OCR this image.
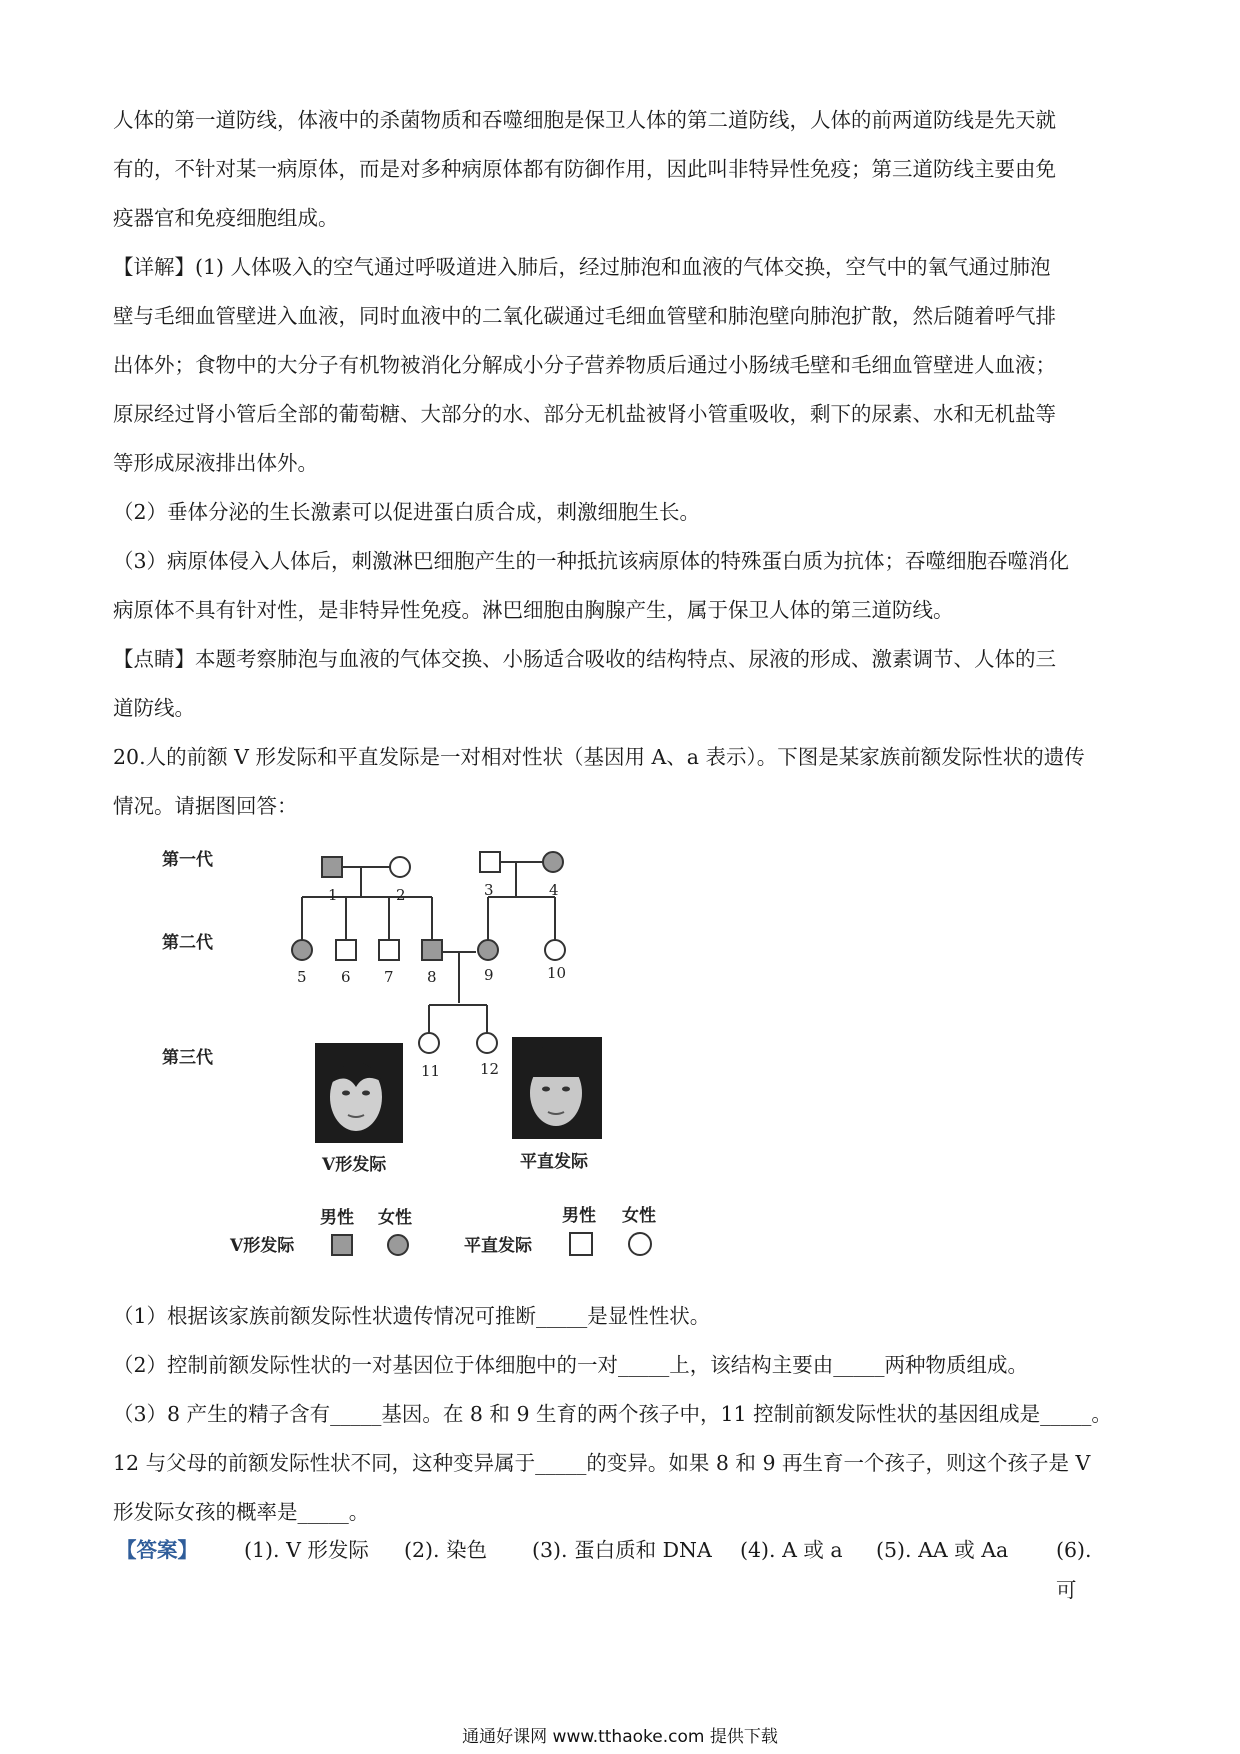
人体的第一道防线，体液中的杀菌物质和吞噬细胞是保卫人体的第二道防线，人体的前两道防线是先天就

有的，不针对某一病原体，而是对多种病原体都有防御作用，因此叫非特异性免疫；第三道防线主要由免

疫器官和免疫细胞组成。

【详解】(1) 人体吸入的空气通过呼吸道进入肺后，经过肺泡和血液的气体交换，空气中的氧气通过肺泡

壁与毛细血管壁进入血液，同时血液中的二氧化碳通过毛细血管壁和肺泡壁向肺泡扩散，然后随着呼气排

出体外；食物中的大分子有机物被消化分解成小分子营养物质后通过小肠绒毛壁和毛细血管壁进人血液；

原尿经过肾小管后全部的葡萄糖、大部分的水、部分无机盐被肾小管重吸收，剩下的尿素、水和无机盐等

等形成尿液排出体外。

（2）垂体分泌的生长激素可以促进蛋白质合成，刺激细胞生长。

（3）病原体侵入人体后，刺激淋巴细胞产生的一种抵抗该病原体的特殊蛋白质为抗体；吞噬细胞吞噬消化

病原体不具有针对性，是非特异性免疫。淋巴细胞由胸腺产生，属于保卫人体的第三道防线。

【点睛】本题考察肺泡与血液的气体交换、小肠适合吸收的结构特点、尿液的形成、激素调节、人体的三

道防线。

20.人的前额 V 形发际和平直发际是一对相对性状（基因用 A、a 表示）。下图是某家族前额发际性状的遗传

情况。请据图回答：

第一代
第二代
第三代
1	2	3	4
5 6 7 8	9	10
11	12
V形发际	平直发际
男性 女性
V形发际
男性 女性
平直发际

（1）根据该家族前额发际性状遗传情况可推断_____是显性性状。

（2）控制前额发际性状的一对基因位于体细胞中的一对_____上，该结构主要由_____两种物质组成。

（3）8 产生的精子含有_____基因。在 8 和 9 生育的两个孩子中，11 控制前额发际性状的基因组成是_____。

12 与父母的前额发际性状不同，这种变异属于_____的变异。如果 8 和 9 再生育一个孩子，则这个孩子是 V

形发际女孩的概率是_____。

【答案】	(1). V 形发际	(2). 染色	(3). 蛋白质和 DNA	(4). A 或 a	(5). AA 或 Aa	(6). 可
通通好课网 www.tthaoke.com 提供下载
